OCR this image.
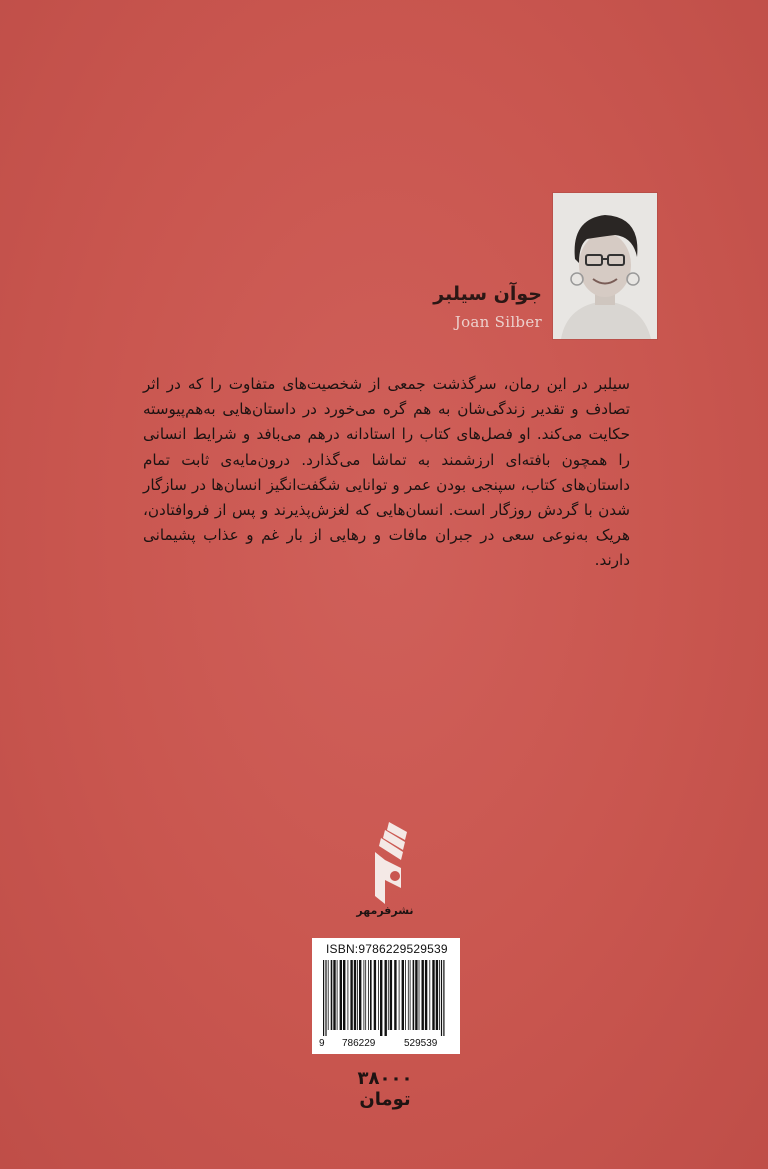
جوآن سیلبر
Joan Silber

سیلبر در این رمان، سرگذشت جمعی از شخصیت‌های متفاوت را که در اثر تصادف و تقدیر زندگی‌شان به هم گره می‌خورد در داستان‌هایی به‌هم‌پیوسته حکایت می‌کند. او فصل‌های کتاب را استادانه درهم می‌بافد و شرایط انسانی را همچون بافته‌ای ارزشمند به تماشا می‌گذارد. درون‌مایه‌ی ثابت تمام داستان‌های کتاب، سپنجی بودن عمر و توانایی شگفت‌انگیز انسان‌ها در سازگار شدن با گردش روزگار است. انسان‌هایی که لغزش‌پذیرند و پس از فروافتادن، هریک به‌نوعی سعی در جبران مافات و رهایی از بار غم و عذاب پشیمانی دارند.

نشرفرمهر
ISBN:9786229529539
9 786229	529539
۳۸۰۰۰ تومان
